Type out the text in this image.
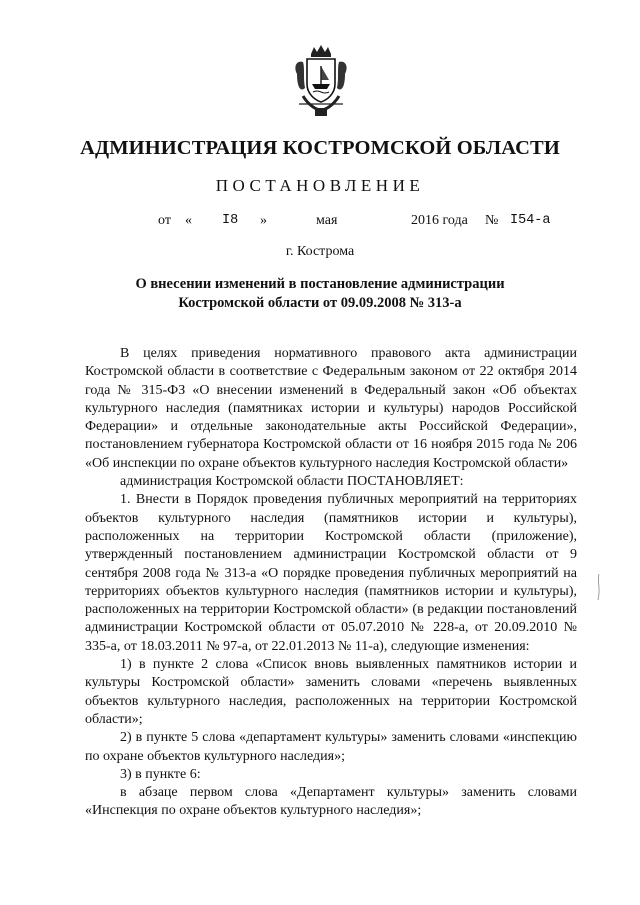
АДМИНИСТРАЦИЯ КОСТРОМСКОЙ ОБЛАСТИ
ПОСТАНОВЛЕНИЕ
от « I8 »	мая	2016 года № I54-a
г. Кострома
О внесении изменений в постановление администрации
Костромской области от 09.09.2008 № 313-а

В целях приведения нормативного правового акта администрации Костромской области в соответствие с Федеральным законом от 22 октября 2014 года № 315-ФЗ «О внесении изменений в Федеральный закон «Об объектах культурного наследия (памятниках истории и культуры) народов Российской Федерации» и отдельные законодательные акты Российской Федерации», постановлением губернатора Костромской области от 16 ноября 2015 года № 206 «Об инспекции по охране объектов культурного наследия Костромской области»

администрация Костромской области ПОСТАНОВЛЯЕТ:

1. Внести в Порядок проведения публичных мероприятий на территориях объектов культурного наследия (памятников истории и культуры), расположенных на территории Костромской области (приложение), утвержденный постановлением администрации Костромской области от 9 сентября 2008 года № 313-а «О порядке проведения публичных мероприятий на территориях объектов культурного наследия (памятников истории и культуры), расположенных на территории Костромской области» (в редакции постановлений администрации Костромской области от 05.07.2010 № 228-а, от 20.09.2010 № 335-а, от 18.03.2011 № 97-а, от 22.01.2013 № 11-а), следующие изменения:

1) в пункте 2 слова «Список вновь выявленных памятников истории и культуры Костромской области» заменить словами «перечень выявленных объектов культурного наследия, расположенных на территории Костромской области»;

2) в пункте 5 слова «департамент культуры» заменить словами «инспекцию по охране объектов культурного наследия»;

3) в пункте 6:

в абзаце первом слова «Департамент культуры» заменить словами «Инспекция по охране объектов культурного наследия»;
